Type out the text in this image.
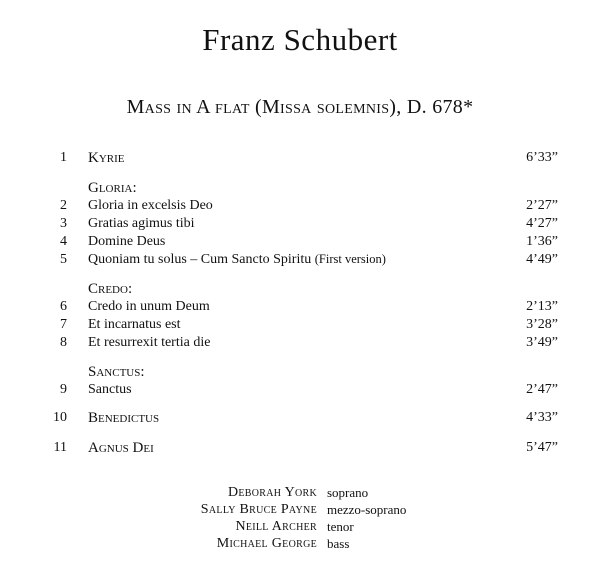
Franz Schubert
Mass in A flat (Missa solemnis), D. 678*
1 Kyrie	6’33”
Gloria:
2 Gloria in excelsis Deo	2’27”
3 Gratias agimus tibi	4’27”
4 Domine Deus	1’36”
5 Quoniam tu solus – Cum Sancto Spiritu (First version)	4’49”
Credo:
6 Credo in unum Deum	2’13”
7 Et incarnatus est	3’28”
8 Et resurrexit tertia die	3’49”
Sanctus:
9 Sanctus	2’47”
10 Benedictus	4’33”
11 Agnus Dei	5’47”
Deborah York soprano
Sally Bruce Payne mezzo-soprano
Neill Archer tenor
Michael George bass
